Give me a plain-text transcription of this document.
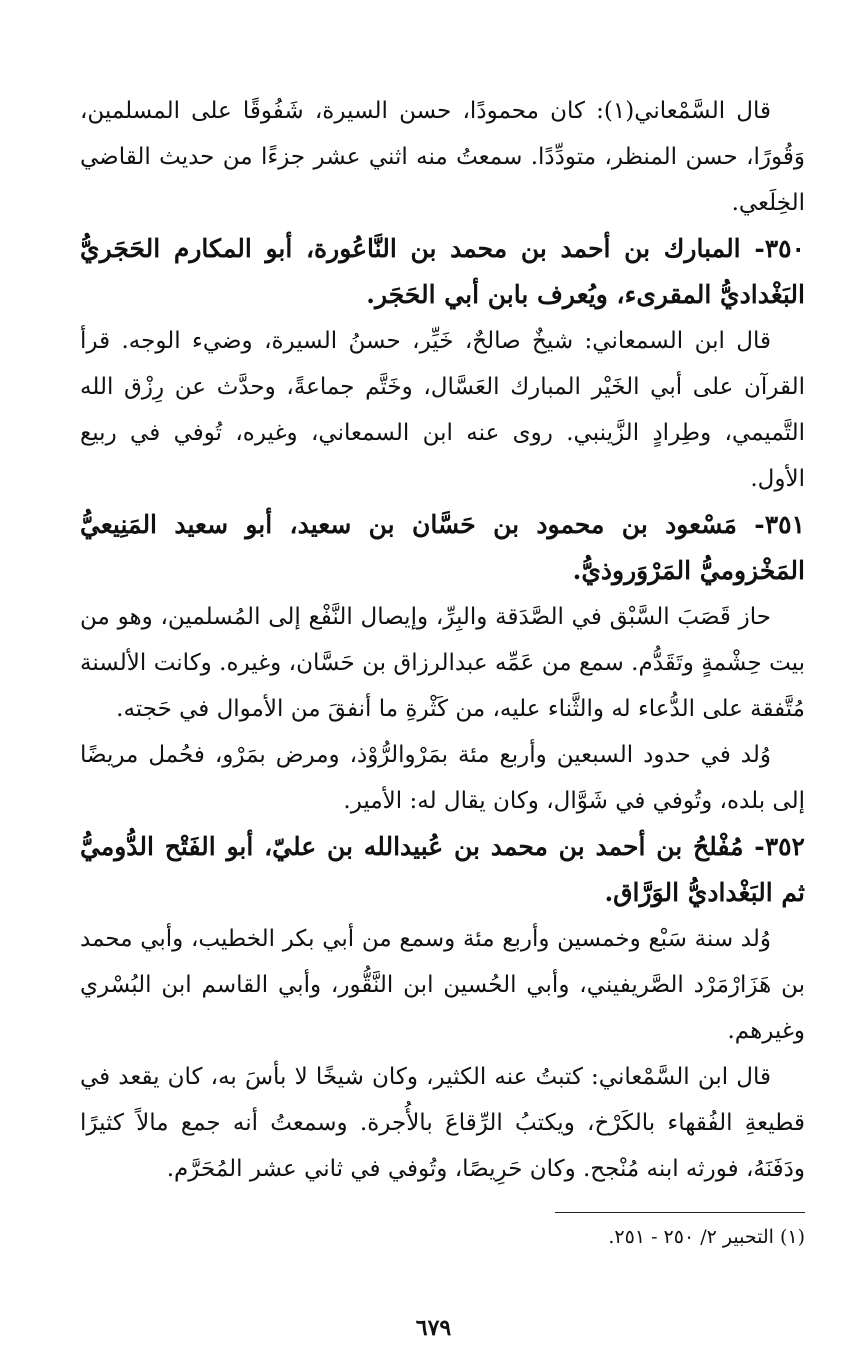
قال السَّمْعاني(١): كان محمودًا، حسن السيرة، شَفُوقًا على المسلمين، وَقُورًا، حسن المنظر، متودِّدًا. سمعتُ منه اثني عشر جزءًا من حديث القاضي الخِلَعي.

٣٥٠- المبارك بن أحمد بن محمد بن النَّاعُورة، أبو المكارم الحَجَريُّ البَغْداديُّ المقرىء، ويُعرف بابن أبي الحَجَر.

قال ابن السمعاني: شيخٌ صالحٌ، خَيِّر، حسنُ السيرة، وضيء الوجه. قرأ القرآن على أبي الخَيْر المبارك العَسَّال، وخَتَّم جماعةً، وحدَّث عن رِزْق الله التَّميمي، وطِرادٍ الزَّينبي. روى عنه ابن السمعاني، وغيره، تُوفي في ربيع الأول.

٣٥١- مَسْعود بن محمود بن حَسَّان بن سعيد، أبو سعيد المَنِيعيُّ المَخْزوميُّ المَرْوَروذيُّ.

حاز قَصَبَ السَّبْق في الصَّدَقة والبِرِّ، وإيصال النَّفْع إلى المُسلمين، وهو من بيت حِشْمةٍ وتَقَدُّم. سمع من عَمِّه عبدالرزاق بن حَسَّان، وغيره. وكانت الألسنة مُتَّفقة على الدُّعاء له والثَّناء عليه، من كَثْرةِ ما أنفقَ من الأموال في حَجته.

وُلد في حدود السبعين وأربع مئة بمَرْوالرُّوْذ، ومرض بمَرْو، فحُمل مريضًا إلى بلده، وتُوفي في شَوَّال، وكان يقال له: الأمير.

٣٥٢- مُفْلحُ بن أحمد بن محمد بن عُبيدالله بن عليّ، أبو الفَتْح الدُّوميُّ ثم البَغْداديُّ الوَرَّاق.

وُلد سنة سَبْع وخمسين وأربع مئة وسمع من أبي بكر الخطيب، وأبي محمد بن هَزَارْمَرْد الصَّريفيني، وأبي الحُسين ابن النَّقُّور، وأبي القاسم ابن البُسْري وغيرهم.

قال ابن السَّمْعاني: كتبتُ عنه الكثير، وكان شيخًا لا بأسَ به، كان يقعد في قطيعةِ الفُقهاء بالكَرْخ، ويكتبُ الرِّقاعَ بالأُجرة. وسمعتُ أنه جمع مالاً كثيرًا ودَفَنَهُ، فورثه ابنه مُنْجح. وكان حَرِيصًا، وتُوفي في ثاني عشر المُحَرَّم.

(١) التحبير ٢/ ٢٥٠ - ٢٥١.
٦٧٩
